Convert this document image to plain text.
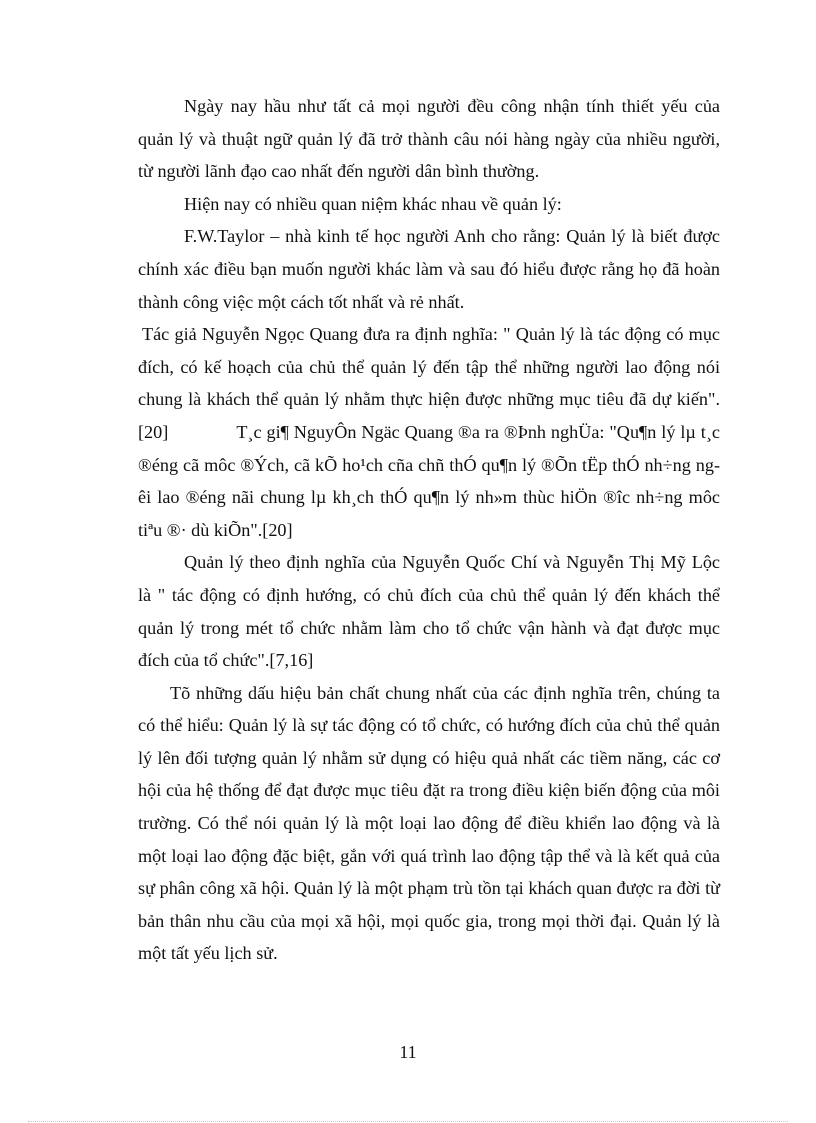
Ngày nay hầu như tất cả mọi người đều công nhận tính thiết yếu của quản lý và thuật ngữ quản lý đã trở thành câu nói hàng ngày của nhiều người, từ người lãnh đạo cao nhất đến người dân bình thường.

Hiện nay có nhiều quan niệm khác nhau về quản lý:

F.W.Taylor – nhà kinh tế học người Anh cho rằng: Quản lý là biết được chính xác điều bạn muốn người khác làm và sau đó hiểu được rằng họ đã hoàn thành công việc một cách tốt nhất và rẻ nhất.

Tác giả Nguyễn Ngọc Quang đưa ra định nghĩa: " Quản lý là tác động có mục đích, có kế hoạch của chủ thể quản lý đến tập thể những người lao động nói chung là khách thể quản lý nhằm thực hiện được những mục tiêu đã dự kiến".[20]	T¸c gi¶ NguyÔn Ngäc Quang ®a ra ®Þnh nghÜa: "Qu¶n lý lµ t¸c ®éng cã môc ®Ých, cã kÕ ho¹ch cña chñ thÓ qu¶n lý ®Õn tËp thÓ nh÷ng ngêi lao ®éng nãi chung lµ kh¸ch thÓ qu¶n lý nh»m thùc hiÖn ®îc nh÷ng môc tiªu ®· dù kiÕn".[20]

Quản lý theo định nghĩa của Nguyễn Quốc Chí và Nguyễn Thị Mỹ Lộc là " tác động có định hướng, có chủ đích của chủ thể quản lý đến khách thể quản lý trong mét tổ chức nhằm làm cho tổ chức vận hành và đạt được mục đích của tổ chức".[7,16]

Tõ những dấu hiệu bản chất chung nhất của các định nghĩa trên, chúng ta có thể hiểu: Quản lý là sự tác động có tổ chức, có hướng đích của chủ thể quản lý lên đối tượng quản lý nhằm sử dụng có hiệu quả nhất các tiềm năng, các cơ hội của hệ thống để đạt được mục tiêu đặt ra trong điều kiện biến động của môi trường. Có thể nói quản lý là một loại lao động để điều khiển lao động và là một loại lao động đặc biệt, gắn với quá trình lao động tập thể và là kết quả của sự phân công xã hội. Quản lý là một phạm trù tồn tại khách quan được ra đời từ bản thân nhu cầu của mọi xã hội, mọi quốc gia, trong mọi thời đại. Quản lý là một tất yếu lịch sử.

11
